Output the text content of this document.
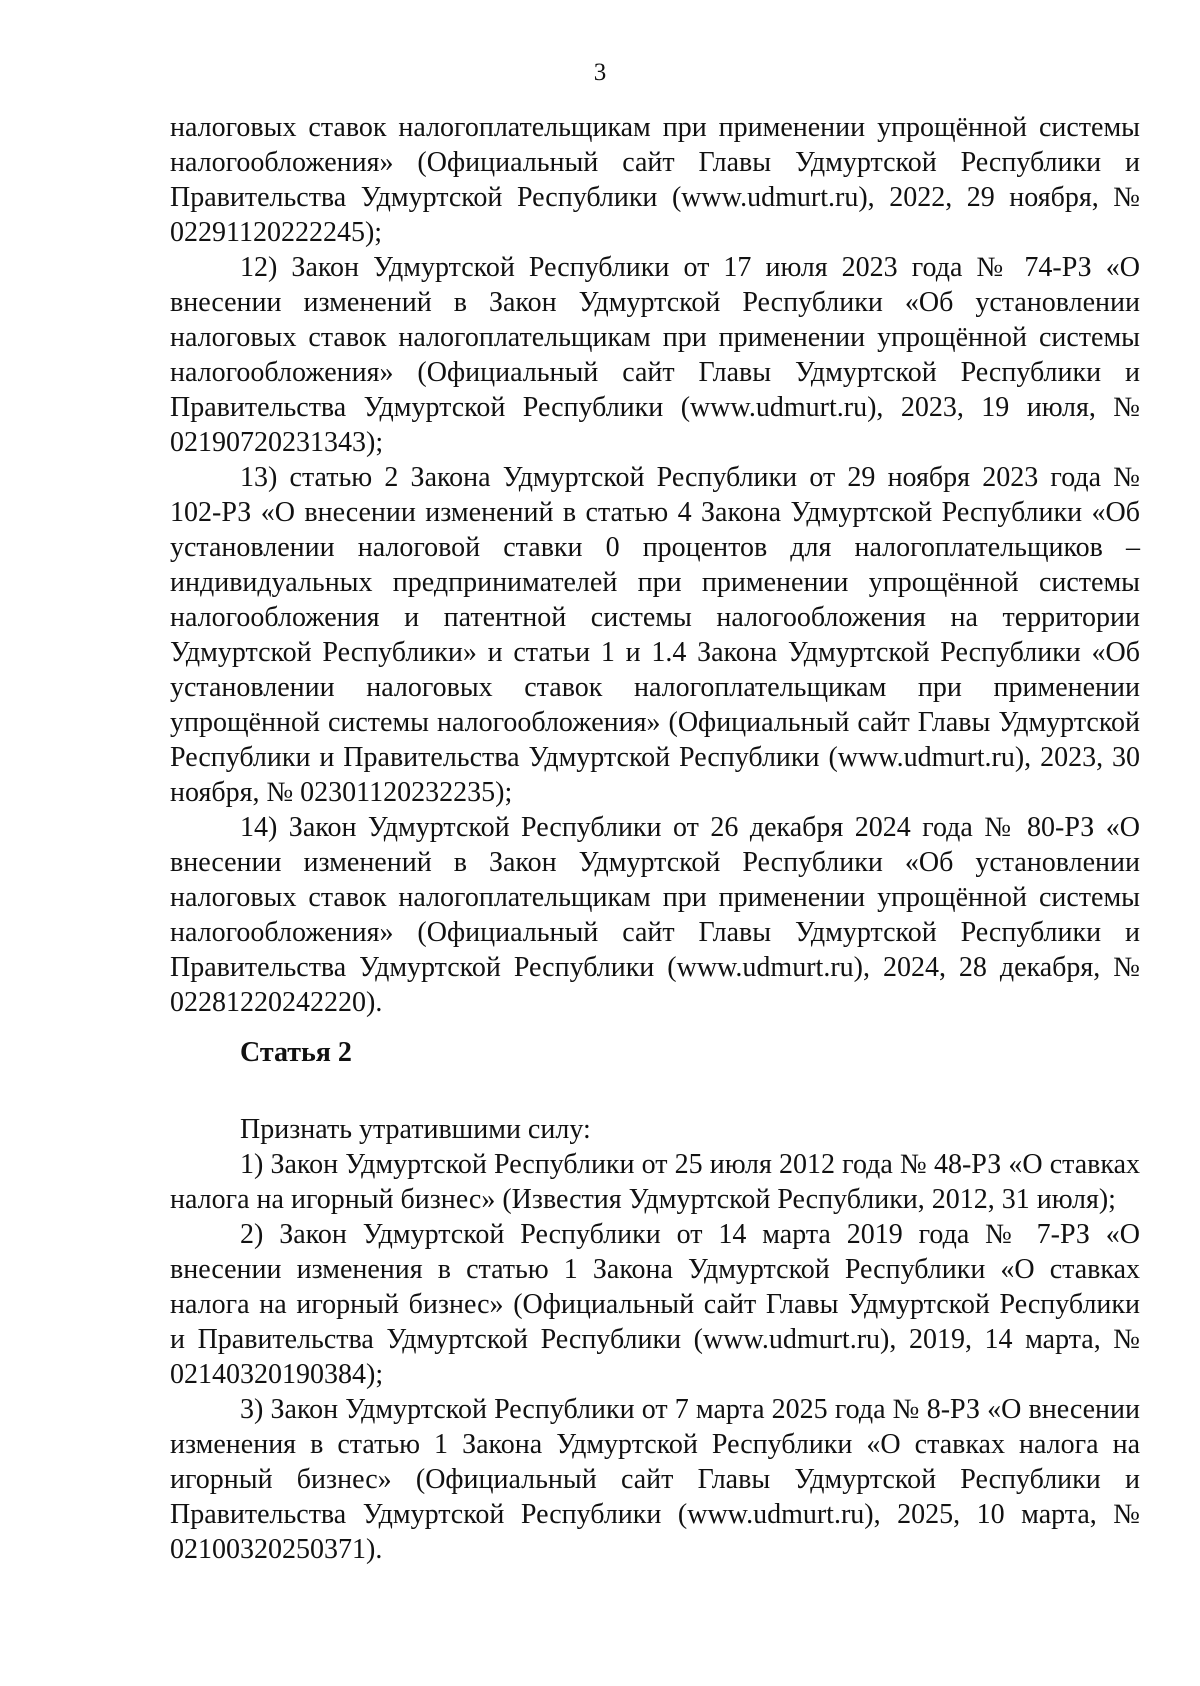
3

налоговых ставок налогоплательщикам при применении упрощённой системы налогообложения» (Официальный сайт Главы Удмуртской Республики и Правительства Удмуртской Республики (www.udmurt.ru), 2022, 29 ноября, № 02291120222245);

12) Закон Удмуртской Республики от 17 июля 2023 года № 74-РЗ «О внесении изменений в Закон Удмуртской Республики «Об установлении налоговых ставок налогоплательщикам при применении упрощённой системы налогообложения» (Официальный сайт Главы Удмуртской Республики и Правительства Удмуртской Республики (www.udmurt.ru), 2023, 19 июля, № 02190720231343);

13) статью 2 Закона Удмуртской Республики от 29 ноября 2023 года № 102-РЗ «О внесении изменений в статью 4 Закона Удмуртской Республики «Об установлении налоговой ставки 0 процентов для налогоплательщиков – индивидуальных предпринимателей при применении упрощённой системы налогообложения и патентной системы налогообложения на территории Удмуртской Республики» и статьи 1 и 1.4 Закона Удмуртской Республики «Об установлении налоговых ставок налогоплательщикам при применении упрощённой системы налогообложения» (Официальный сайт Главы Удмуртской Республики и Правительства Удмуртской Республики (www.udmurt.ru), 2023, 30 ноября, № 02301120232235);

14) Закон Удмуртской Республики от 26 декабря 2024 года № 80-РЗ «О внесении изменений в Закон Удмуртской Республики «Об установлении налоговых ставок налогоплательщикам при применении упрощённой системы налогообложения» (Официальный сайт Главы Удмуртской Республики и Правительства Удмуртской Республики (www.udmurt.ru), 2024, 28 декабря, № 02281220242220).

Статья 2

Признать утратившими силу:

1) Закон Удмуртской Республики от 25 июля 2012 года № 48-РЗ «О ставках налога на игорный бизнес» (Известия Удмуртской Республики, 2012, 31 июля);

2) Закон Удмуртской Республики от 14 марта 2019 года № 7-РЗ «О внесении изменения в статью 1 Закона Удмуртской Республики «О ставках налога на игорный бизнес» (Официальный сайт Главы Удмуртской Республики и Правительства Удмуртской Республики (www.udmurt.ru), 2019, 14 марта, № 02140320190384);

3) Закон Удмуртской Республики от 7 марта 2025 года № 8-РЗ «О внесении изменения в статью 1 Закона Удмуртской Республики «О ставках налога на игорный бизнес» (Официальный сайт Главы Удмуртской Республики и Правительства Удмуртской Республики (www.udmurt.ru), 2025, 10 марта, № 02100320250371).
